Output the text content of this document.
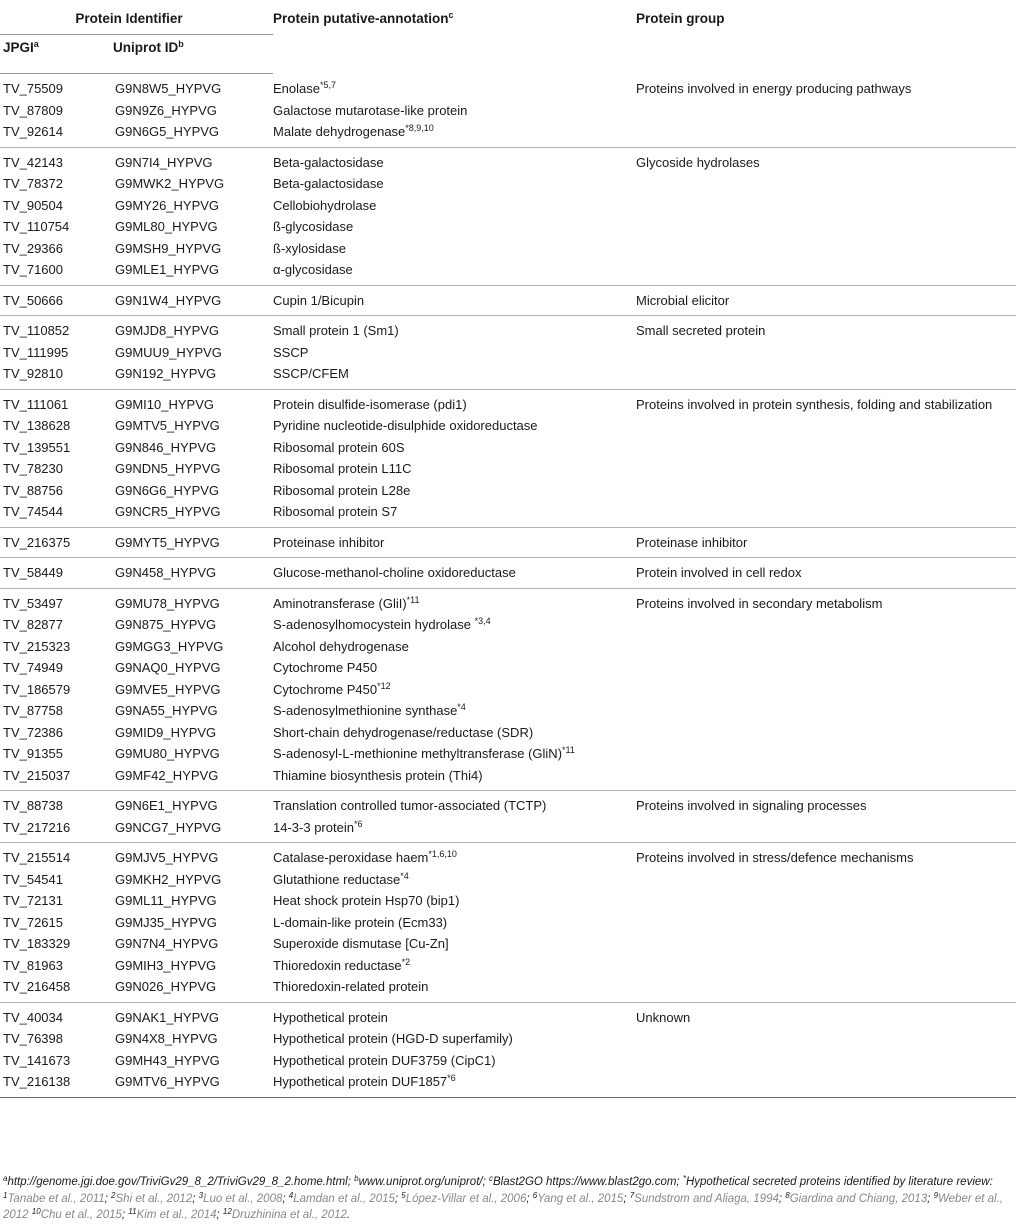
Protein Identifier		Protein putative-annotation$^c$	Protein group
JPGI$^a$	Uniprot $ID^b$
TV_75509	G9N8W5_HYPVG	Enolase$^{*5,7}$	Proteins involved in energy producing pathways
TV_87809	G9N9Z6_HYPVG	Galactose mutarotase-like protein	
TV_92614	G9N6G5_HYPVG	Malate dehydrogenase$^{*8,9,10}$	
TV_42143	G9N7I4_HYPVG	Beta-galactosidase	Glycoside hydrolases
TV_78372	G9MWK2_HYPVG	Beta-galactosidase	
TV_90504	G9MY26_HYPVG	Cellobiohydrolase	
TV_110754	G9ML80_HYPVG	ß-glycosidase	
TV_29366	G9MSH9_HYPVG	ß-xylosidase	
TV_71600	G9MLE1_HYPVG	α-glycosidase	
TV_50666	G9N1W4_HYPVG	Cupin 1/Bicupin	Microbial elicitor
TV_110852	G9MJD8_HYPVG	Small protein 1 (Sm1)	Small secreted protein
TV_111995	G9MUU9_HYPVG	SSCP	
TV_92810	G9N192_HYPVG	SSCP/CFEM	
TV_111061	G9MI10_HYPVG	Protein disulfide-isomerase (pdi1)	Proteins involved in protein synthesis, folding and stabilization
TV_138628	G9MTV5_HYPVG	Pyridine nucleotide-disulphide oxidoreductase	
TV_139551	G9N846_HYPVG	Ribosomal protein 60S	
TV_78230	G9NDN5_HYPVG	Ribosomal protein L11C	
TV_88756	G9N6G6_HYPVG	Ribosomal protein L28e	
TV_74544	G9NCR5_HYPVG	Ribosomal protein S7	
TV_216375	G9MYT5_HYPVG	Proteinase inhibitor	Proteinase inhibitor
TV_58449	G9N458_HYPVG	Glucose-methanol-choline oxidoreductase	Protein involved in cell redox
TV_53497	G9MU78_HYPVG	Aminotransferase (GliI)$^{*11}$	Proteins involved in secondary metabolism
TV_82877	G9N875_HYPVG	S-adenosylhomocystein hydrolase $^{*3,4}$	
TV_215323	G9MGG3_HYPVG	Alcohol dehydrogenase	
TV_74949	G9NAQ0_HYPVG	Cytochrome P450	
TV_186579	G9MVE5_HYPVG	Cytochrome P450$^{*12}$	
TV_87758	G9NA55_HYPVG	S-adenosylmethionine synthase$^{*4}$	
TV_72386	G9MID9_HYPVG	Short-chain dehydrogenase/reductase (SDR)	
TV_91355	G9MU80_HYPVG	S-adenosyl-L-methionine methyltransferase (GliN)$^{*11}$	
TV_215037	G9MF42_HYPVG	Thiamine biosynthesis protein (Thi4)	
TV_88738	G9N6E1_HYPVG	Translation controlled tumor-associated (TCTP)	Proteins involved in signaling processes
TV_217216	G9NCG7_HYPVG	14-3-3 protein$^{*6}$	
TV_215514	G9MJV5_HYPVG	Catalase-peroxidase haem$^{*1,6,10}$	Proteins involved in stress/defence mechanisms
TV_54541	G9MKH2_HYPVG	Glutathione reductase$^{*4}$	
TV_72131	G9ML11_HYPVG	Heat shock protein Hsp70 (bip1)	
TV_72615	G9MJ35_HYPVG	L-domain-like protein (Ecm33)	
TV_183329	G9N7N4_HYPVG	Superoxide dismutase [Cu-Zn]	
TV_81963	G9MIH3_HYPVG	Thioredoxin reductase$^{*2}$	
TV_216458	G9N026_HYPVG	Thioredoxin-related protein	
TV_40034	G9NAK1_HYPVG	Hypothetical protein	Unknown
TV_76398	G9N4X8_HYPVG	Hypothetical protein (HGD-D superfamily)	
TV_141673	G9MH43_HYPVG	Hypothetical protein DUF3759 (CipC1)	
TV_216138	G9MTV6_HYPVG	Hypothetical protein DUF1857$^{*6}$	
$^a$http://genome.jgi.doe.gov/TriviGv29_8_2/TriviGv29_8_2.home.html; $^b$www.uniprot.org/uniprot/; $^c$Blast2GO https://www.blast2go.com; *Hypothetical secreted proteins identified by literature review: $^1$Tanabe et al., 2011; $^2$Shi et al., 2012; $^3$Luo et al., 2008; $^4$Lamdan et al., 2015; $^5$López-Villar et al., 2006; $^6$Yang et al., 2015; $^7$Sundstrom and Aliaga, 1994; $^8$Giardina and Chiang, 2013; $^9$Weber et al., 2012 $^{10}$Chu et al., 2015; $^{11}$Kim et al., 2014; $^{12}$Druzhinina et al., 2012.
